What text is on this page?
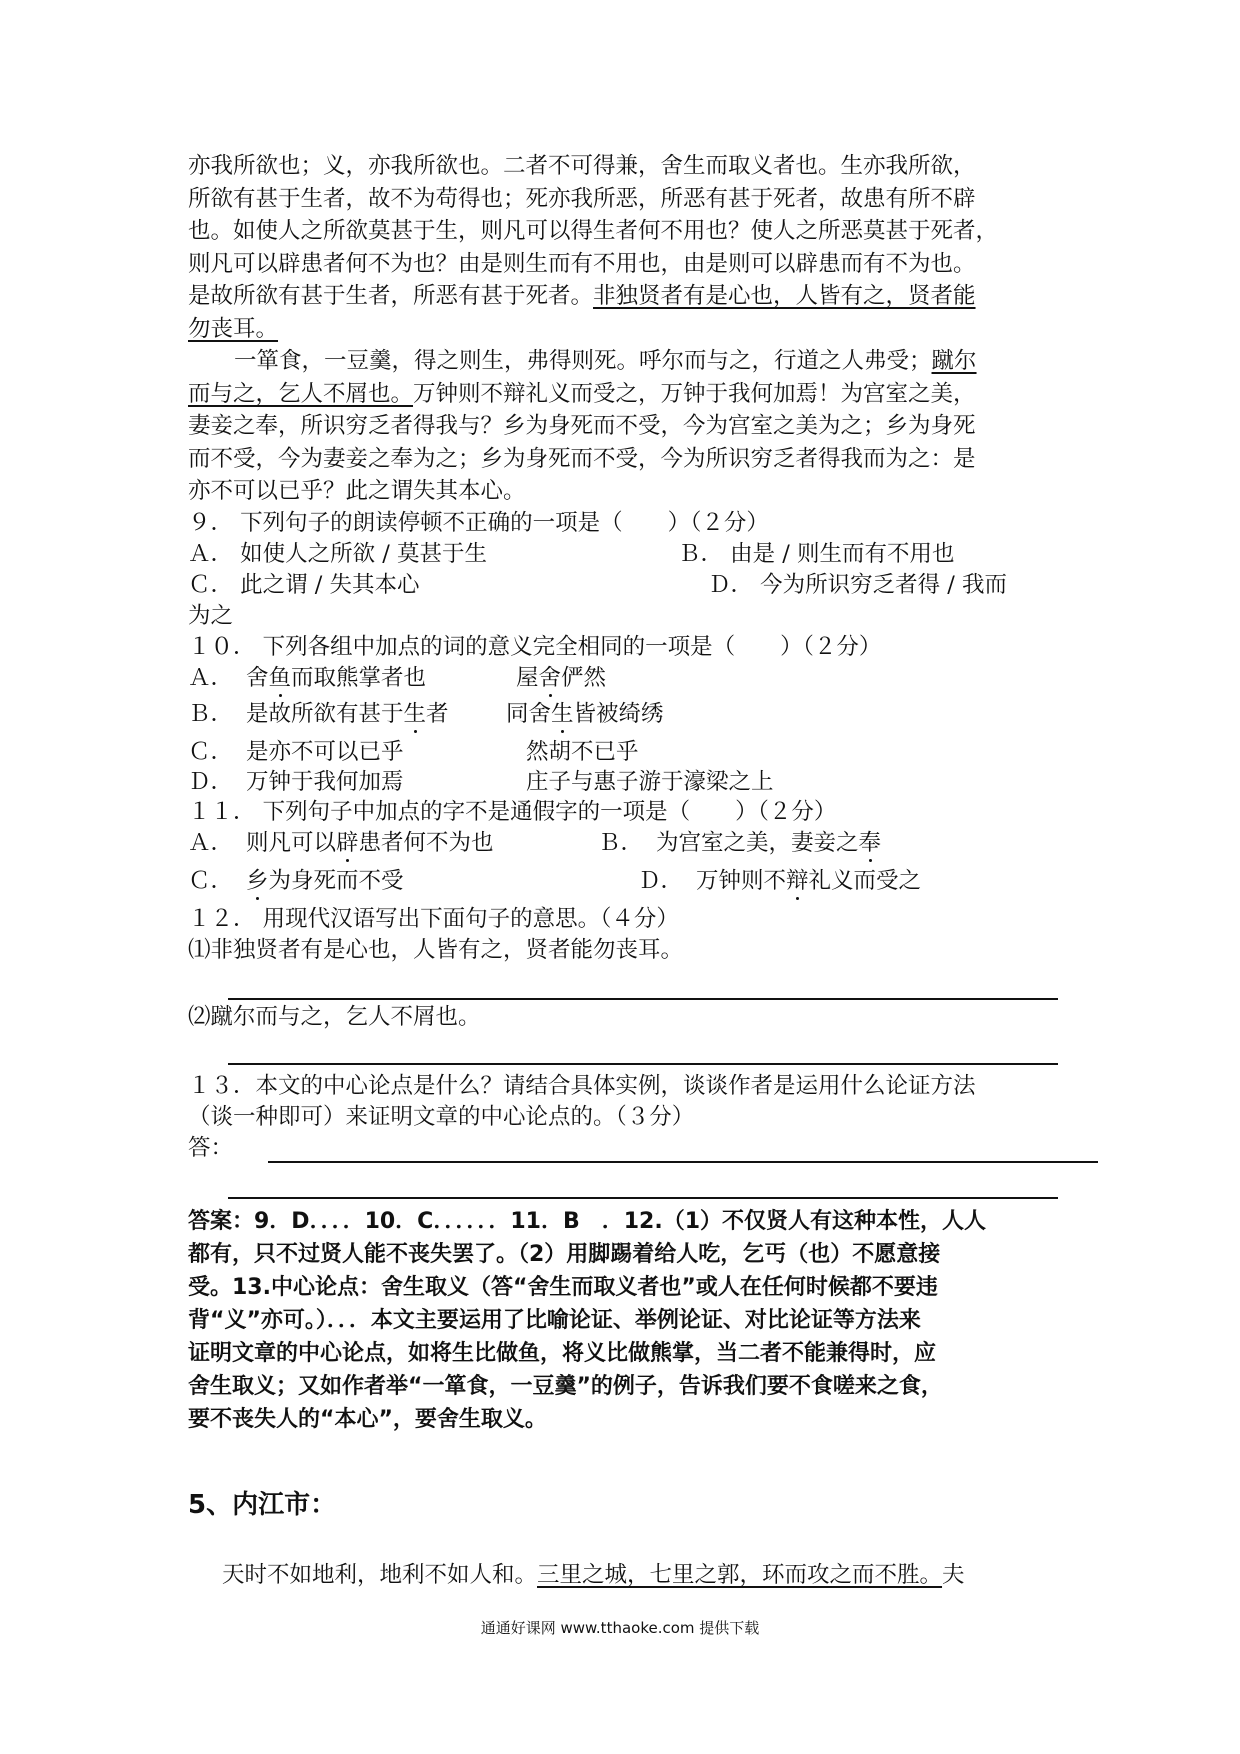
亦我所欲也；义，亦我所欲也。二者不可得兼，舍生而取义者也。生亦我所欲，
所欲有甚于生者，故不为苟得也；死亦我所恶，所恶有甚于死者，故患有所不辟
也。如使人之所欲莫甚于生，则凡可以得生者何不用也？使人之所恶莫甚于死者，
则凡可以辟患者何不为也？由是则生而有不用也，由是则可以辟患而有不为也。
是故所欲有甚于生者，所恶有甚于死者。非独贤者有是心也，人皆有之，贤者能
勿丧耳。
一箪食，一豆羹，得之则生，弗得则死。呼尔而与之，行道之人弗受；蹴尔
而与之，乞人不屑也。万钟则不辩礼义而受之，万钟于我何加焉！为宫室之美，
妻妾之奉，所识穷乏者得我与？乡为身死而不受，今为宫室之美为之；乡为身死
而不受，今为妻妾之奉为之；乡为身死而不受，今为所识穷乏者得我而为之：是
亦不可以已乎？此之谓失其本心。
９． 下列句子的朗读停顿不正确的一项是（　　）（２分）
Ａ． 如使人之所欲 / 莫甚于生	Ｂ． 由是 / 则生而有不用也
Ｃ． 此之谓 / 失其本心	Ｄ． 今为所识穷乏者得 / 我而
为之
１０． 下列各组中加点的词的意义完全相同的一项是（　　）（２分）
Ａ． 舍鱼而取熊掌者也	屋舍俨然
Ｂ． 是故所欲有甚于生者	同舍生皆被绮绣
Ｃ． 是亦不可以已乎	然胡不已乎
Ｄ． 万钟于我何加焉	庄子与惠子游于濠梁之上
１１． 下列句子中加点的字不是通假字的一项是（　　）（２分）
Ａ． 则凡可以辟患者何不为也	Ｂ． 为宫室之美，妻妾之奉
Ｃ． 乡为身死而不受	Ｄ． 万钟则不辩礼义而受之
１２． 用现代汉语写出下面句子的意思。（４分）
⑴非独贤者有是心也，人皆有之，贤者能勿丧耳。
⑵蹴尔而与之，乞人不屑也。
１３．本文的中心论点是什么？请结合具体实例，谈谈作者是运用什么论证方法
（谈一种即可）来证明文章的中心论点的。（３分）
答：
答案：9．D．．．．10．C．．．．．．11．B　．12.（1）不仅贤人有这种本性，人人
都有，只不过贤人能不丧失罢了。（2）用脚踢着给人吃，乞丐（也）不愿意接
受。13.中心论点：舍生取义（答“舍生而取义者也”或人在任何时候都不要违
背“义”亦可。）．．．本文主要运用了比喻论证、举例论证、对比论证等方法来
证明文章的中心论点，如将生比做鱼，将义比做熊掌，当二者不能兼得时，应
舍生取义；又如作者举“一箪食，一豆羹”的例子，告诉我们要不食嗟来之食，
要不丧失人的“本心”，要舍生取义。
5、内江市：
天时不如地利，地利不如人和。三里之城，七里之郭，环而攻之而不胜。夫
通通好课网 www.tthaoke.com 提供下载
